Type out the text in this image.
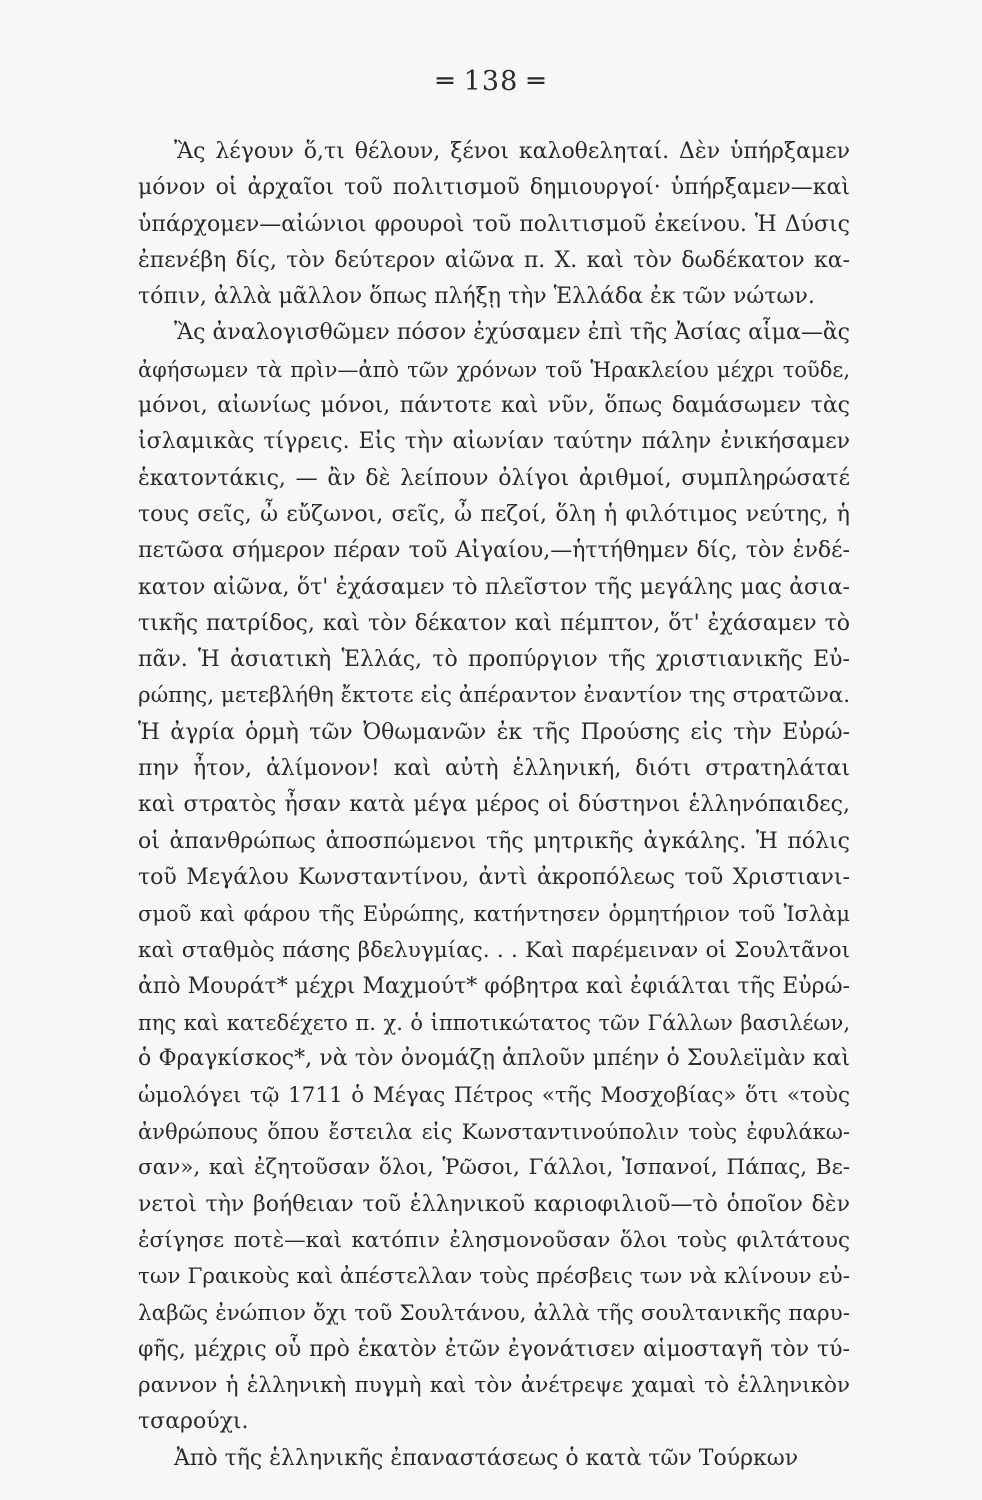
═ 138 ═
Ἂς λέγουν ὅ,τι θέλουν, ξένοι καλοθεληταί. Δὲν ὑπήρξαμεν
μόνον οἱ ἀρχαῖοι τοῦ πολιτισμοῦ δημιουργοί· ὑπήρξαμεν—καὶ
ὑπάρχομεν—αἰώνιοι φρουροὶ τοῦ πολιτισμοῦ ἐκείνου. Ἡ Δύσις
ἐπενέβη δίς, τὸν δεύτερον αἰῶνα π. Χ. καὶ τὸν δωδέκατον κα-
τόπιν, ἀλλὰ μᾶλλον ὅπως πλήξῃ τὴν Ἑλλάδα ἐκ τῶν νώτων.
Ἂς ἀναλογισθῶμεν πόσον ἐχύσαμεν ἐπὶ τῆς Ἀσίας αἷμα—ἂς
ἀφήσωμεν τὰ πρὶν—ἀπὸ τῶν χρόνων τοῦ Ἡρακλείου μέχρι τοῦδε,
μόνοι, αἰωνίως μόνοι, πάντοτε καὶ νῦν, ὅπως δαμάσωμεν τὰς
ἰσλαμικὰς τίγρεις. Εἰς τὴν αἰωνίαν ταύτην πάλην ἐνικήσαμεν
ἑκατοντάκις, — ἂν δὲ λείπουν ὀλίγοι ἀριθμοί, συμπληρώσατέ
τους σεῖς, ὦ εὔζωνοι, σεῖς, ὦ πεζοί, ὅλη ἡ φιλότιμος νεύτης, ἡ
πετῶσα σήμερον πέραν τοῦ Αἰγαίου,—ἡττήθημεν δίς, τὸν ἑνδέ-
κατον αἰῶνα, ὅτ' ἐχάσαμεν τὸ πλεῖστον τῆς μεγάλης μας ἀσια-
τικῆς πατρίδος, καὶ τὸν δέκατον καὶ πέμπτον, ὅτ' ἐχάσαμεν τὸ
πᾶν. Ἡ ἀσιατικὴ Ἑλλάς, τὸ προπύργιον τῆς χριστιανικῆς Εὐ-
ρώπης, μετεβλήθη ἔκτοτε εἰς ἀπέραντον ἐναντίον της στρατῶνα.
Ἡ ἀγρία ὁρμὴ τῶν Ὀθωμανῶν ἐκ τῆς Προύσης εἰς τὴν Εὐρώ-
πην ἦτον, ἀλίμονον! καὶ αὐτὴ ἑλληνική, διότι στρατηλάται
καὶ στρατὸς ἦσαν κατὰ μέγα μέρος οἱ δύστηνοι ἑλληνόπαιδες,
οἱ ἀπανθρώπως ἀποσπώμενοι τῆς μητρικῆς ἀγκάλης. Ἡ πόλις
τοῦ Μεγάλου Κωνσταντίνου, ἀντὶ ἀκροπόλεως τοῦ Χριστιανι-
σμοῦ καὶ φάρου τῆς Εὐρώπης, κατήντησεν ὁρμητήριον τοῦ Ἰσλὰμ
καὶ σταθμὸς πάσης βδελυγμίας. . . Καὶ παρέμειναν οἱ Σουλτᾶνοι
ἀπὸ Μουράτ* μέχρι Μαχμούτ* φόβητρα καὶ ἐφιάλται τῆς Εὐρώ-
πης καὶ κατεδέχετο π. χ. ὁ ἱπποτικώτατος τῶν Γάλλων βασιλέων,
ὁ Φραγκίσκος*, νὰ τὸν ὀνομάζῃ ἁπλοῦν μπέην ὁ Σουλεϊμὰν καὶ
ὡμολόγει τῷ 1711 ὁ Μέγας Πέτρος «τῆς Μοσχοβίας» ὅτι «τοὺς
ἀνθρώπους ὅπου ἔστειλα εἰς Κωνσταντινούπολιν τοὺς ἐφυλάκω-
σαν», καὶ ἐζητοῦσαν ὅλοι, Ῥῶσοι, Γάλλοι, Ἱσπανοί, Πάπας, Βε-
νετοὶ τὴν βοήθειαν τοῦ ἑλληνικοῦ καριοφιλιοῦ—τὸ ὁποῖον δὲν
ἐσίγησε ποτὲ—καὶ κατόπιν ἐλησμονοῦσαν ὅλοι τοὺς φιλτάτους
των Γραικοὺς καὶ ἀπέστελλαν τοὺς πρέσβεις των νὰ κλίνουν εὐ-
λαβῶς ἐνώπιον ὄχι τοῦ Σουλτάνου, ἀλλὰ τῆς σουλτανικῆς παρυ-
φῆς, μέχρις οὗ πρὸ ἑκατὸν ἐτῶν ἐγονάτισεν αἱμοσταγῆ τὸν τύ-
ραννον ἡ ἑλληνικὴ πυγμὴ καὶ τὸν ἀνέτρεψε χαμαὶ τὸ ἑλληνικὸν
τσαρούχι.
Ἀπὸ τῆς ἑλληνικῆς ἐπαναστάσεως ὁ κατὰ τῶν Τούρκων
